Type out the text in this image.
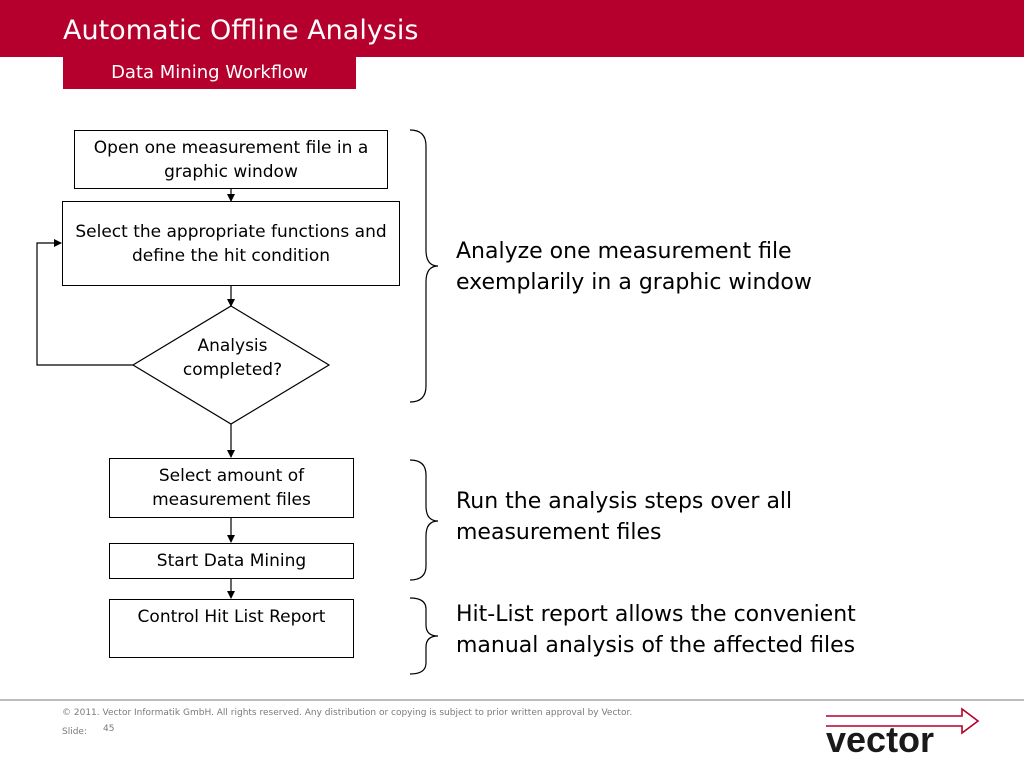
Automatic Offline Analysis
Data Mining Workflow
Open one measurement file in a graphic window
Select the appropriate functions and define the hit condition
Analysis completed?
Select amount of measurement files
Start Data Mining
Control Hit List Report
Analyze one measurement file
exemplarily in a graphic window
Run the analysis steps over all
measurement files
Hit-List report allows the convenient
manual analysis of the affected files
© 2011. Vector Informatik GmbH. All rights reserved. Any distribution or copying is subject to prior written approval by Vector.
Slide: 45	vector
